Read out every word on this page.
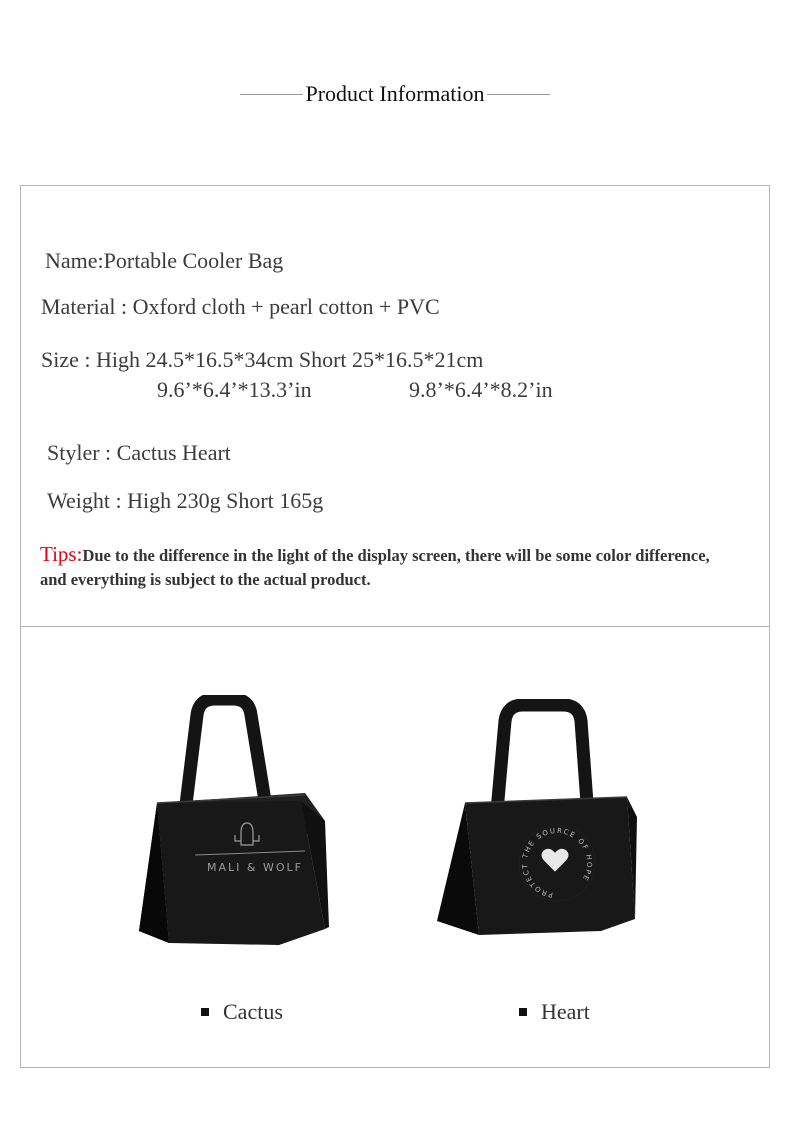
Product Information
Name:Portable Cooler Bag
Material : Oxford cloth + pearl cotton + PVC
Size : High 24.5*16.5*34cm Short 25*16.5*21cm
9.6’*6.4’*13.3’in	9.8’*6.4’*8.2’in
Styler : Cactus Heart
Weight : High 230g Short 165g
Tips:Due to the difference in the light of the display screen, there will be some color difference, and everything is subject to the actual product.
MALI & WOLF
Cactus
PROTECT THE SOURCE OF HOPE
Heart
